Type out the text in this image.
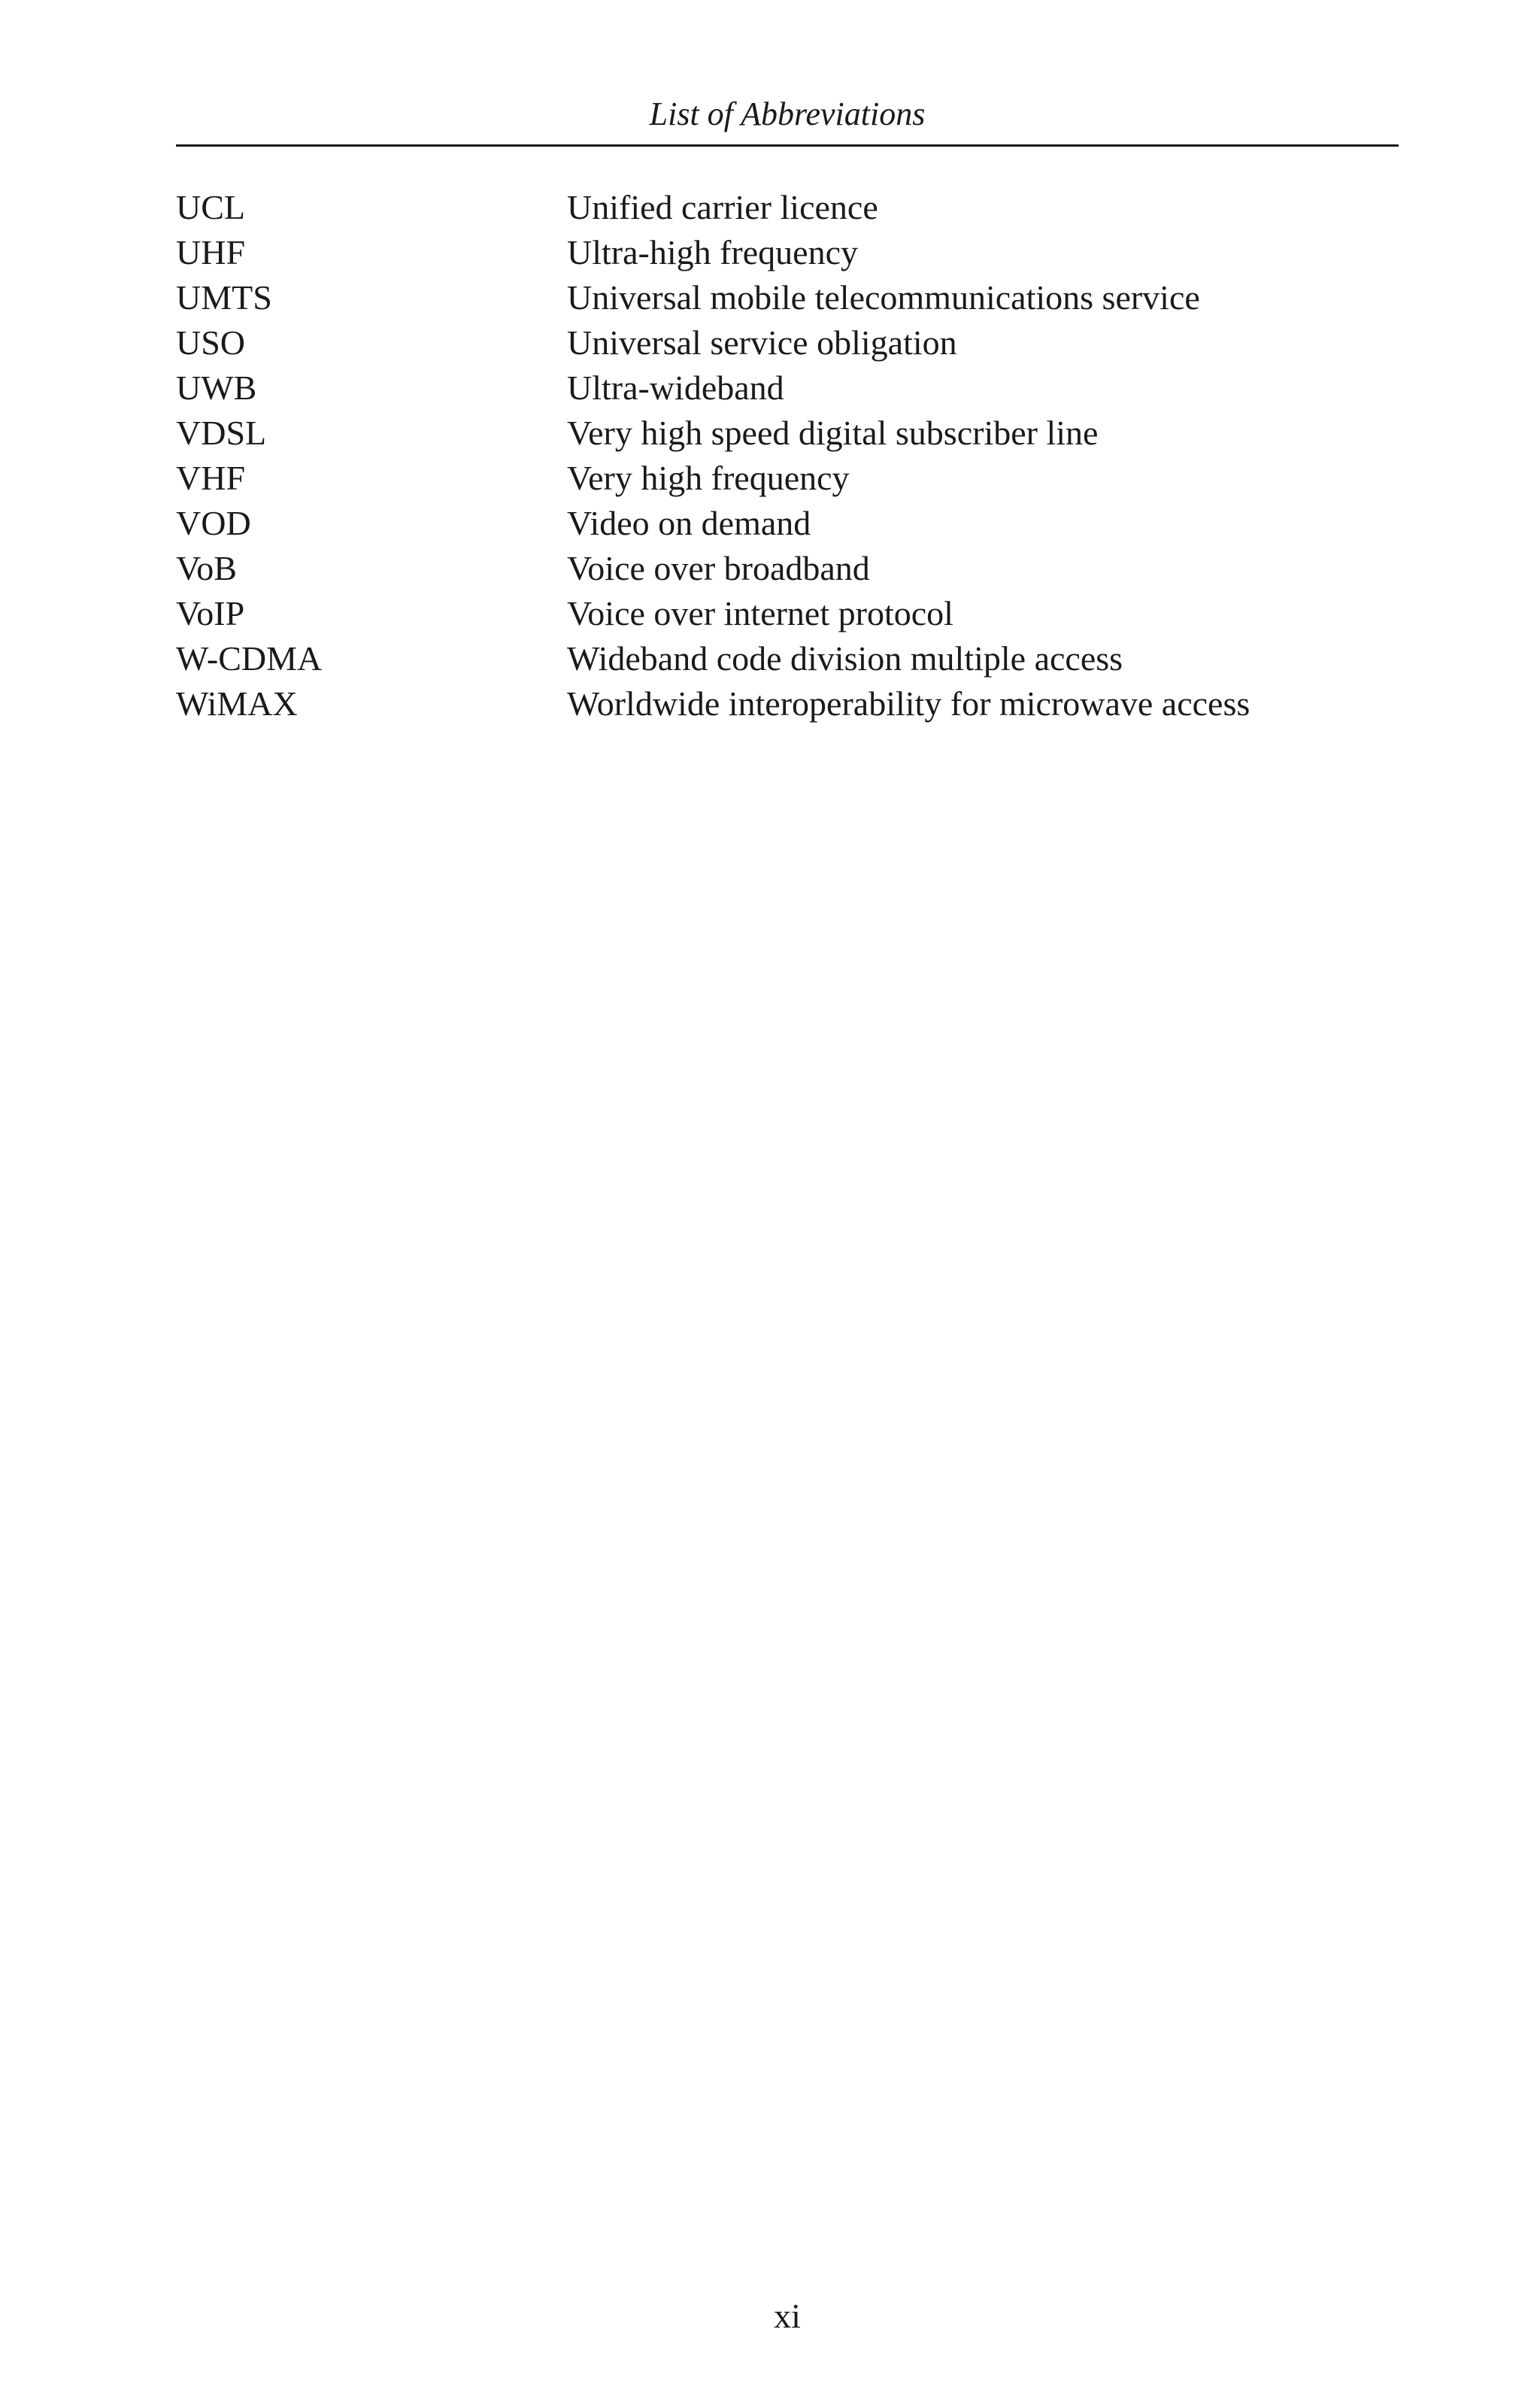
List of Abbreviations
UCL	Unified carrier licence
UHF	Ultra-high frequency
UMTS	Universal mobile telecommunications service
USO	Universal service obligation
UWB	Ultra-wideband
VDSL	Very high speed digital subscriber line
VHF	Very high frequency
VOD	Video on demand
VoB	Voice over broadband
VoIP	Voice over internet protocol
W-CDMA	Wideband code division multiple access
WiMAX	Worldwide interoperability for microwave access
xi
